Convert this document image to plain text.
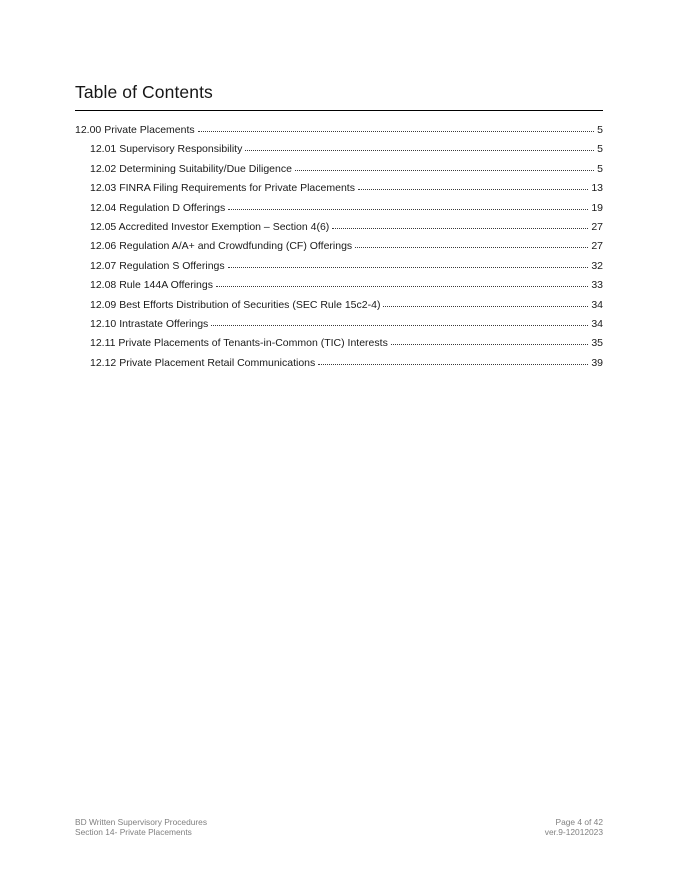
Table of Contents
12.00 Private Placements	5
12.01 Supervisory Responsibility	5
12.02 Determining Suitability/Due Diligence	5
12.03 FINRA Filing Requirements for Private Placements	13
12.04 Regulation D Offerings	19
12.05 Accredited Investor Exemption – Section 4(6)	27
12.06 Regulation A/A+ and Crowdfunding (CF) Offerings	27
12.07 Regulation S Offerings	32
12.08 Rule 144A Offerings	33
12.09 Best Efforts Distribution of Securities (SEC Rule 15c2-4)	34
12.10 Intrastate Offerings	34
12.11 Private Placements of Tenants-in-Common (TIC) Interests	35
12.12 Private Placement Retail Communications	39
BD Written Supervisory Procedures
Section 14- Private Placements
Page 4 of 42
ver.9-12012023
